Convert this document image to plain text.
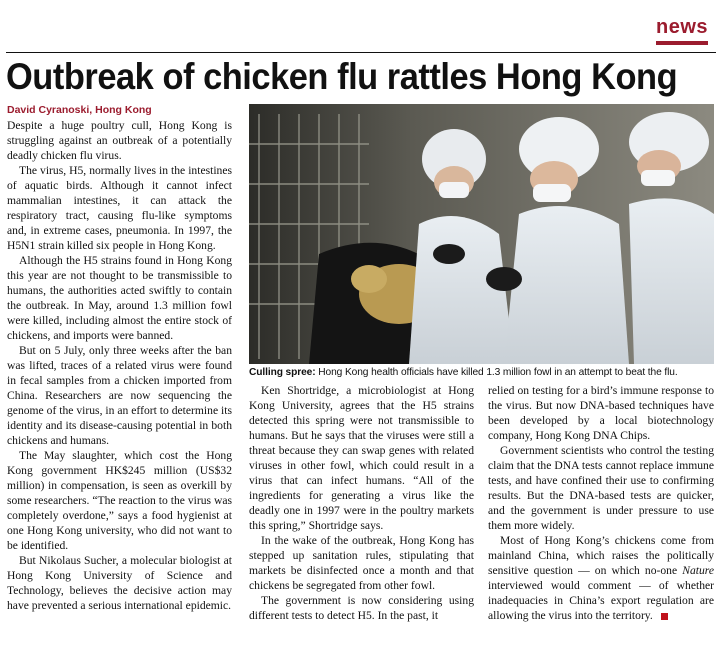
news
Outbreak of chicken flu rattles Hong Kong
David Cyranoski, Hong Kong

Despite a huge poultry cull, Hong Kong is struggling against an outbreak of a potentially deadly chicken flu virus.

The virus, H5, normally lives in the intestines of aquatic birds. Although it cannot infect mammalian intestines, it can attack the respiratory tract, causing flu-like symptoms and, in extreme cases, pneumonia. In 1997, the H5N1 strain killed six people in Hong Kong.

Although the H5 strains found in Hong Kong this year are not thought to be transmissible to humans, the authorities acted swiftly to contain the outbreak. In May, around 1.3 million fowl were killed, including almost the entire stock of chickens, and imports were banned.

But on 5 July, only three weeks after the ban was lifted, traces of a related virus were found in fecal samples from a chicken imported from China. Researchers are now sequencing the genome of the virus, in an effort to determine its identity and its disease-causing potential in both chickens and humans.

The May slaughter, which cost the Hong Kong government HK$245 million (US$32 million) in compensation, is seen as overkill by some researchers. “The reaction to the virus was completely overdone,” says a food hygienist at one Hong Kong university, who did not want to be identified.

But Nikolaus Sucher, a molecular biologist at Hong Kong University of Science and Technology, believes the decisive action may have prevented a serious international epidemic.

Culling spree: Hong Kong health officials have killed 1.3 million fowl in an attempt to beat the flu.

Ken Shortridge, a microbiologist at Hong Kong University, agrees that the H5 strains detected this spring were not transmissible to humans. But he says that the viruses were still a threat because they can swap genes with related viruses in other fowl, which could result in a virus that can infect humans. “All of the ingredients for generating a virus like the deadly one in 1997 were in the poultry markets this spring,” Shortridge says.

In the wake of the outbreak, Hong Kong has stepped up sanitation rules, stipulating that markets be disinfected once a month and that chickens be segregated from other fowl.

The government is now considering using different tests to detect H5. In the past, it

relied on testing for a bird’s immune response to the virus. But now DNA-based techniques have been developed by a local biotechnology company, Hong Kong DNA Chips.

Government scientists who control the testing claim that the DNA tests cannot replace immune tests, and have confined their use to confirming results. But the DNA-based tests are quicker, and the government is under pressure to use them more widely.

Most of Hong Kong’s chickens come from mainland China, which raises the politically sensitive question — on which no-one Nature interviewed would comment — of whether inadequacies in China’s export regulation are allowing the virus into the territory.
